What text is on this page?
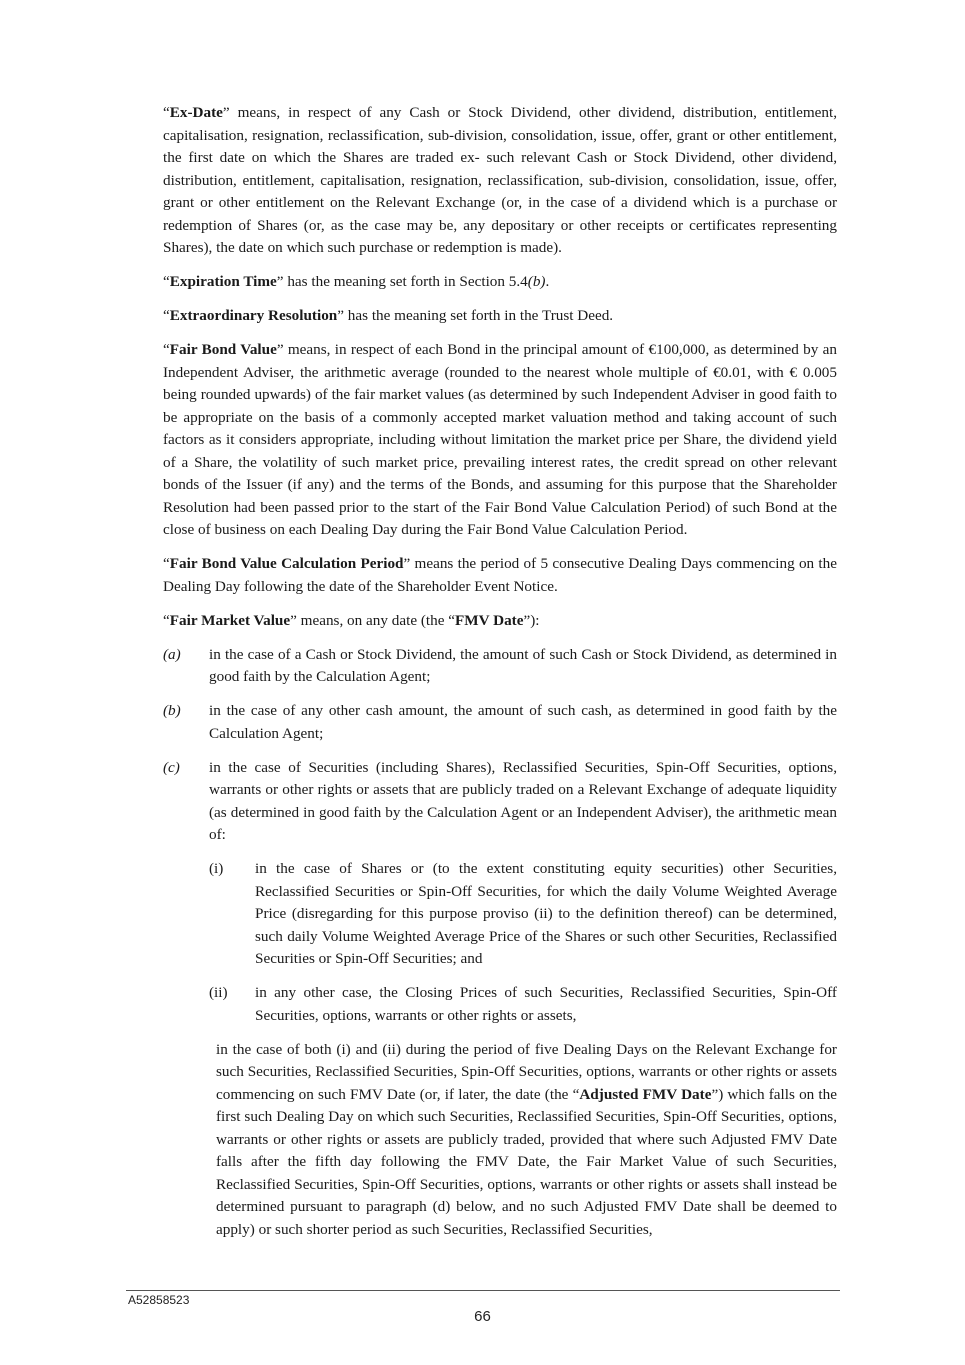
“Ex-Date” means, in respect of any Cash or Stock Dividend, other dividend, distribution, entitlement, capitalisation, resignation, reclassification, sub-division, consolidation, issue, offer, grant or other entitlement, the first date on which the Shares are traded ex- such relevant Cash or Stock Dividend, other dividend, distribution, entitlement, capitalisation, resignation, reclassification, sub-division, consolidation, issue, offer, grant or other entitlement on the Relevant Exchange (or, in the case of a dividend which is a purchase or redemption of Shares (or, as the case may be, any depositary or other receipts or certificates representing Shares), the date on which such purchase or redemption is made).

“Expiration Time” has the meaning set forth in Section 5.4(b).

“Extraordinary Resolution” has the meaning set forth in the Trust Deed.

“Fair Bond Value” means, in respect of each Bond in the principal amount of €100,000, as determined by an Independent Adviser, the arithmetic average (rounded to the nearest whole multiple of €0.01, with € 0.005 being rounded upwards) of the fair market values (as determined by such Independent Adviser in good faith to be appropriate on the basis of a commonly accepted market valuation method and taking account of such factors as it considers appropriate, including without limitation the market price per Share, the dividend yield of a Share, the volatility of such market price, prevailing interest rates, the credit spread on other relevant bonds of the Issuer (if any) and the terms of the Bonds, and assuming for this purpose that the Shareholder Resolution had been passed prior to the start of the Fair Bond Value Calculation Period) of such Bond at the close of business on each Dealing Day during the Fair Bond Value Calculation Period.

“Fair Bond Value Calculation Period” means the period of 5 consecutive Dealing Days commencing on the Dealing Day following the date of the Shareholder Event Notice.

“Fair Market Value” means, on any date (the “FMV Date”):

(a) in the case of a Cash or Stock Dividend, the amount of such Cash or Stock Dividend, as determined in good faith by the Calculation Agent;

(b) in the case of any other cash amount, the amount of such cash, as determined in good faith by the Calculation Agent;

(c) in the case of Securities (including Shares), Reclassified Securities, Spin-Off Securities, options, warrants or other rights or assets that are publicly traded on a Relevant Exchange of adequate liquidity (as determined in good faith by the Calculation Agent or an Independent Adviser), the arithmetic mean of:

(i) in the case of Shares or (to the extent constituting equity securities) other Securities, Reclassified Securities or Spin-Off Securities, for which the daily Volume Weighted Average Price (disregarding for this purpose proviso (ii) to the definition thereof) can be determined, such daily Volume Weighted Average Price of the Shares or such other Securities, Reclassified Securities or Spin-Off Securities; and

(ii) in any other case, the Closing Prices of such Securities, Reclassified Securities, Spin-Off Securities, options, warrants or other rights or assets,

in the case of both (i) and (ii) during the period of five Dealing Days on the Relevant Exchange for such Securities, Reclassified Securities, Spin-Off Securities, options, warrants or other rights or assets commencing on such FMV Date (or, if later, the date (the “Adjusted FMV Date”) which falls on the first such Dealing Day on which such Securities, Reclassified Securities, Spin-Off Securities, options, warrants or other rights or assets are publicly traded, provided that where such Adjusted FMV Date falls after the fifth day following the FMV Date, the Fair Market Value of such Securities, Reclassified Securities, Spin-Off Securities, options, warrants or other rights or assets shall instead be determined pursuant to paragraph (d) below, and no such Adjusted FMV Date shall be deemed to apply) or such shorter period as such Securities, Reclassified Securities,

A52858523
66
